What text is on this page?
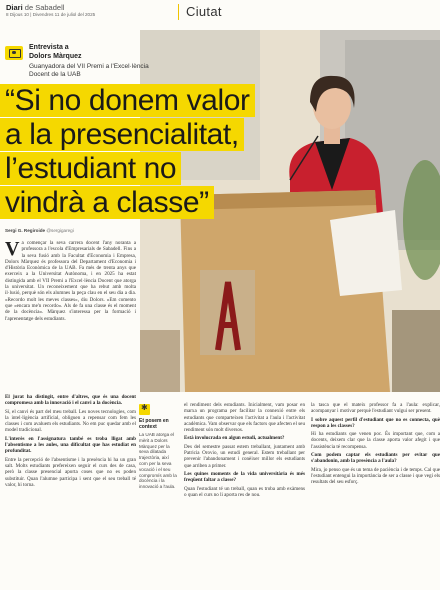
Diari de Sabadell
8 Dijous 10 | Divendres 11 de juliol del 2025	Ciutat
Entrevista a
Dolors Màrquez
Guanyadora del VII Premi a l'Excel·lència Docent de la UAB
“Si no donem valor
a la presencialitat,
l’estudiant no
vindrà a classe”
Sergi G. Regiroide @sergigaregi

Va començar la seva carrera docent l'any noranta a professora a l'escola d'Empresarials de Sabadell. Fins a la seva fusió amb la Facultat d'Economia i Empresa, Dolors Màrquez és professora del Departament d'Economia i d'Història Econòmica de la UAB. Fa més de trenta anys que exerceix a la Universitat Autònoma, i en 2025 ha estat distingida amb el VII Premi a l'Excel·lència Docent que atorga la universitat. Un reconeixement que ha rebut amb molta il·lusió, perquè són els alumnes la peça clau en el seu dia a dia. «Recordo molt les meves classes», diu Dolors. «Em comento que «encara me'n recordo». Als de fa una classe és el moment de la docència». Màrquez s'interessa per la formació i l'aprenentatge dels estudiants.

El jurat ha distingit, entre d'altres, que és una docent compromesa amb la innovació i el canvi a la docència.

Sí, el canvi és part del meu treball. Les noves tecnologies, com la intel·ligència artificial, obliguen a repensar com fem les classes i com avaluem els estudiants. No em puc quedar amb el model tradicional.

L'interès en l'assignatura també es troba lligat amb l'absentisme a les aules, una dificultat que has estudiat en profunditat.

Entre la percepció de l'absentisme i la presència hi ha un gran salt. Molts estudiants prefereixen seguir el curs des de casa, però la classe presencial aporta coses que no es poden substituir. Quan l'alumne participa i sent que el seu treball té valor, hi torna.

✱
Et posem en context
La UAB atorga el mèrit a Dolors Màrquez per la seva dilatada trajectòria, així com per la seva vocació i el seu compromís amb la docència i la innovació a l'aula.

el rendiment dels estudiants. Inicialment, vam posar en marxa un programa per facilitar la connexió entre els estudiants que comparteixen l'activitat a l'aula i l'activitat acadèmica. Vam observar que els factors que afecten el seu rendiment són molt diversos.

Està involucrada en algun estudi, actualment?

Des del semestre passat estem treballant, juntament amb Patricia Orovio, un estudi general. Estem treballant per prevenir l'abandonament i conèixer millor els estudiants que arriben a primer.

Les quines moments de la vida universitària és més freqüent faltar a classe?

Quan l'estudiant té un treball, quan es troba amb exàmens o quan el curs no li aporta res de nou.

la tasca que el mateix professor fa a l'aula: explicar, acompanyar i motivar perquè l'estudiant vulgui ser present.

I sobre aquest perfil d'estudiant que no es connecta, què respon a les classes?

Hi ha estudiants que venen poc. És important que, com a docents, deixem clar que la classe aporta valor afegit i que l'assistència té recompensa.

Com podem captar els estudiants per evitar que s'abandonin, amb la presència a l'aula?

Mira, jo penso que és un tema de paciència i de temps. Cal que l'estudiant entengui la importància de ser a classe i que vegi els resultats del seu esforç.
